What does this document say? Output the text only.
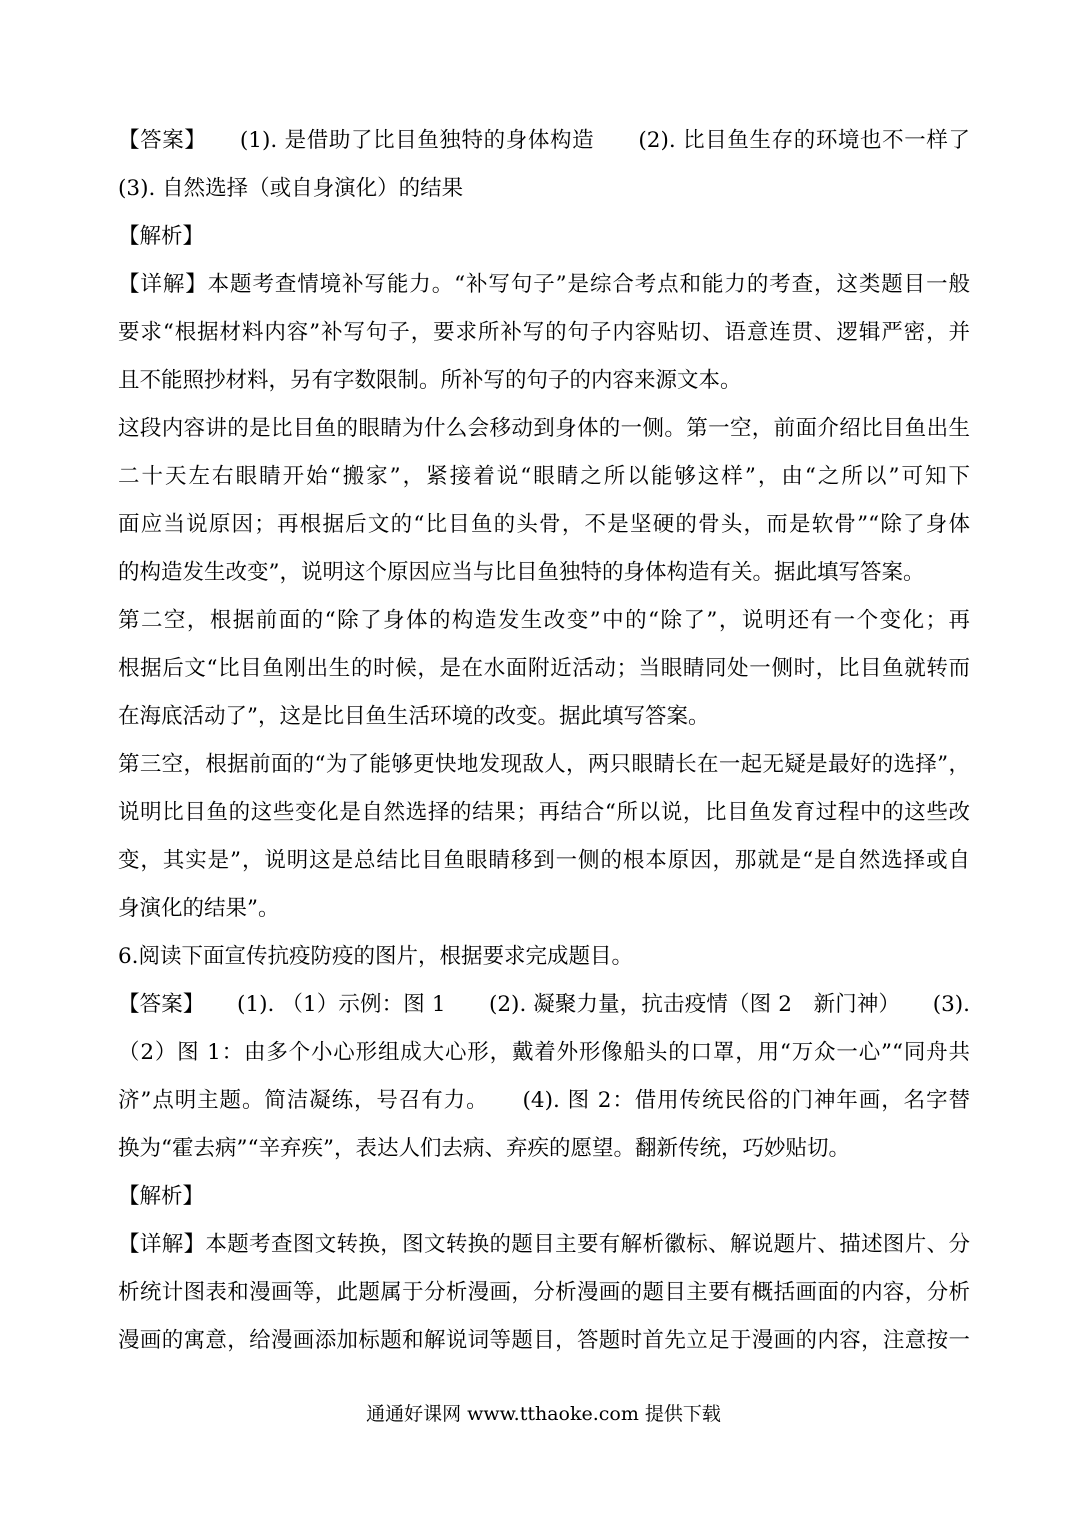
【答案】　　(1). 是借助了比目鱼独特的身体构造　　(2). 比目鱼生存的环境也不一样了
(3). 自然选择（或自身演化）的结果
【解析】
【详解】本题考查情境补写能力。“补写句子”是综合考点和能力的考查，这类题目一般
要求“根据材料内容”补写句子，要求所补写的句子内容贴切、语意连贯、逻辑严密，并
且不能照抄材料，另有字数限制。所补写的句子的内容来源文本。
这段内容讲的是比目鱼的眼睛为什么会移动到身体的一侧。第一空，前面介绍比目鱼出生
二十天左右眼睛开始“搬家”，紧接着说“眼睛之所以能够这样”，由“之所以”可知下
面应当说原因；再根据后文的“比目鱼的头骨，不是坚硬的骨头，而是软骨”“除了身体
的构造发生改变”，说明这个原因应当与比目鱼独特的身体构造有关。据此填写答案。
第二空，根据前面的“除了身体的构造发生改变”中的“除了”，说明还有一个变化；再
根据后文“比目鱼刚出生的时候，是在水面附近活动；当眼睛同处一侧时，比目鱼就转而
在海底活动了”，这是比目鱼生活环境的改变。据此填写答案。
第三空，根据前面的“为了能够更快地发现敌人，两只眼睛长在一起无疑是最好的选择”，
说明比目鱼的这些变化是自然选择的结果；再结合“所以说，比目鱼发育过程中的这些改
变，其实是”，说明这是总结比目鱼眼睛移到一侧的根本原因，那就是“是自然选择或自
身演化的结果”。
6.阅读下面宣传抗疫防疫的图片，根据要求完成题目。
【答案】　　(1). （1）示例：图 1　　(2). 凝聚力量，抗击疫情（图 2　新门神）　　(3).
（2）图 1：由多个小心形组成大心形，戴着外形像船头的口罩，用“万众一心”“同舟共
济”点明主题。简洁凝练，号召有力。　　(4). 图 2：借用传统民俗的门神年画，名字替
换为“霍去病”“辛弃疾”，表达人们去病、弃疾的愿望。翻新传统，巧妙贴切。
【解析】
【详解】本题考查图文转换，图文转换的题目主要有解析徽标、解说题片、描述图片、分
析统计图表和漫画等，此题属于分析漫画，分析漫画的题目主要有概括画面的内容，分析
漫画的寓意，给漫画添加标题和解说词等题目，答题时首先立足于漫画的内容，注意按一
通通好课网 www.tthaoke.com 提供下载
